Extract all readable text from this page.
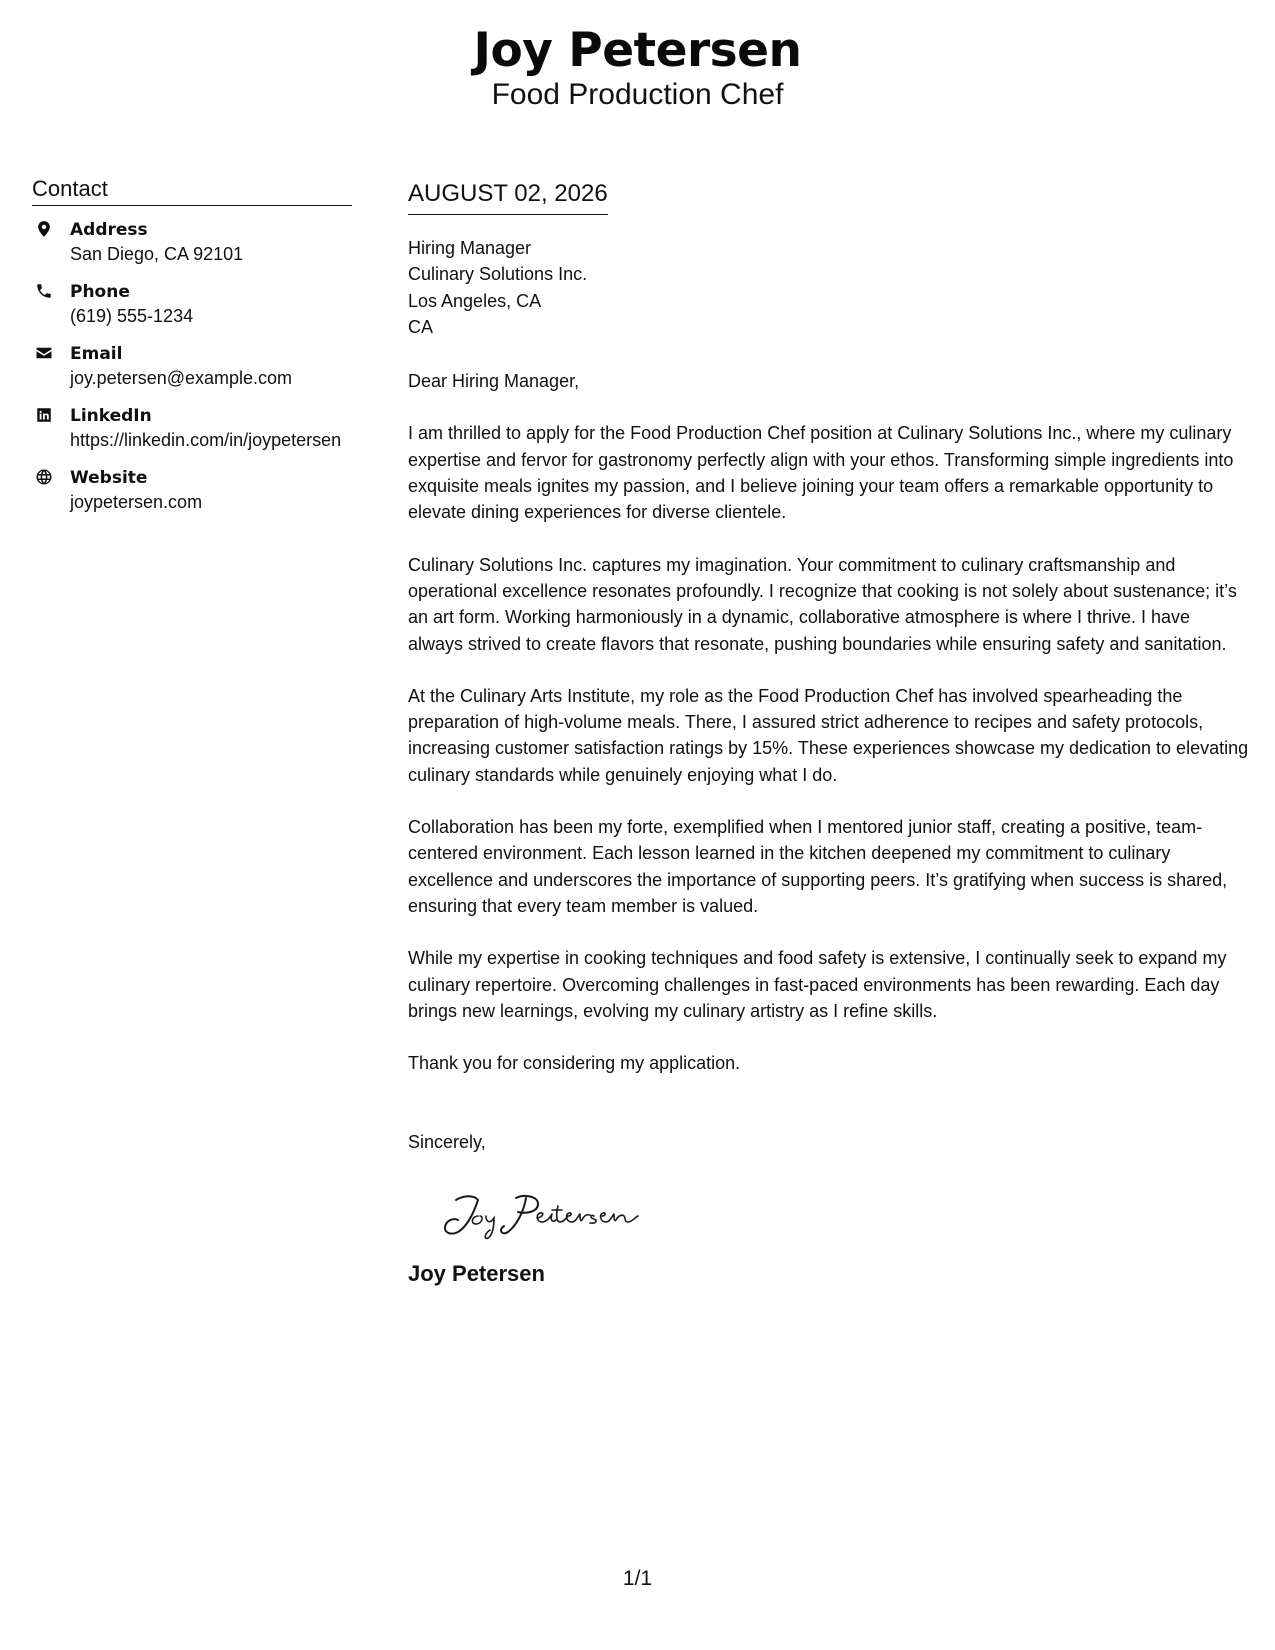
Joy Petersen
Food Production Chef
Contact
Address
San Diego, CA 92101
Phone
(619) 555-1234
Email
joy.petersen@example.com
LinkedIn
https://linkedin.com/in/joypetersen
Website
joypetersen.com
AUGUST 02, 2026
Hiring Manager
Culinary Solutions Inc.
Los Angeles, CA
CA
Dear Hiring Manager,
I am thrilled to apply for the Food Production Chef position at Culinary Solutions Inc., where my culinary expertise and fervor for gastronomy perfectly align with your ethos. Transforming simple ingredients into exquisite meals ignites my passion, and I believe joining your team offers a remarkable opportunity to elevate dining experiences for diverse clientele.
Culinary Solutions Inc. captures my imagination. Your commitment to culinary craftsmanship and operational excellence resonates profoundly. I recognize that cooking is not solely about sustenance; it’s an art form. Working harmoniously in a dynamic, collaborative atmosphere is where I thrive. I have always strived to create flavors that resonate, pushing boundaries while ensuring safety and sanitation.
At the Culinary Arts Institute, my role as the Food Production Chef has involved spearheading the preparation of high-volume meals. There, I assured strict adherence to recipes and safety protocols, increasing customer satisfaction ratings by 15%. These experiences showcase my dedication to elevating culinary standards while genuinely enjoying what I do.
Collaboration has been my forte, exemplified when I mentored junior staff, creating a positive, team-centered environment. Each lesson learned in the kitchen deepened my commitment to culinary excellence and underscores the importance of supporting peers. It’s gratifying when success is shared, ensuring that every team member is valued.
While my expertise in cooking techniques and food safety is extensive, I continually seek to expand my culinary repertoire. Overcoming challenges in fast-paced environments has been rewarding. Each day brings new learnings, evolving my culinary artistry as I refine skills.
Thank you for considering my application.
Sincerely,
Joy Petersen
1/1
